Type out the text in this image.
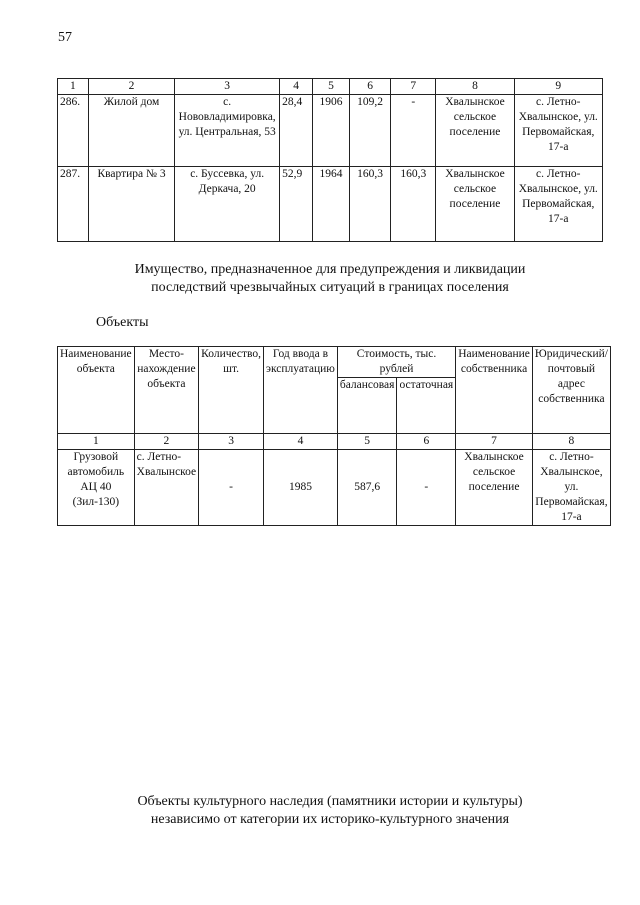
57
1	2	3	4	5	6	7	8	9
286.	Жилой дом	с. Нововладимировка, ул. Центральная, 53	28,4	1906	109,2	-	Хвалынское сельское поселение	с. Летно-Хвалынское, ул. Первомайская, 17-а
287.	Квартира № 3	с. Буссевка, ул. Деркача, 20	52,9	1964	160,3	160,3	Хвалынское сельское поселение	с. Летно-Хвалынское, ул. Первомайская, 17-а
Имущество, предназначенное для предупреждения и ликвидации
последствий чрезвычайных ситуаций в границах поселения
Объекты
Наименование объекта	Место-нахождение объекта	Количество, шт.	Год ввода в эксплуатацию	Стоимость, тыс. рублей		Наименование собственника	Юридический/ почтовый адрес собственника
				балансовая	остаточная		
1	2	3	4	5	6	7	8
Грузовой автомобиль АЦ 40 (Зил-130)	с. Летно-Хвалынское	-	1985	587,6	-	Хвалынское сельское поселение	с. Летно-Хвалынское, ул. Первомайская, 17-а
Объекты культурного наследия (памятники истории и культуры)
независимо от категории их историко-культурного значения
